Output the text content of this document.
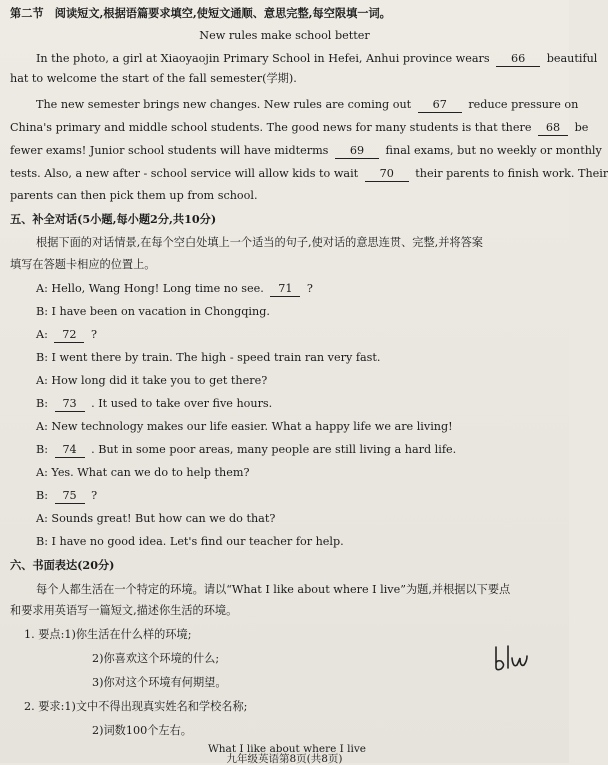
第二节　阅读短文,根据语篇要求填空,使短文通顺、意思完整,每空限填一词。
New rules make school better
In the photo, a girl at Xiaoyaojin Primary School in Hefei, Anhui province wears 66 beautiful
hat to welcome the start of the fall semester(学期).
The new semester brings new changes. New rules are coming out 67 reduce pressure on
China's primary and middle school students. The good news for many students is that there 68 be
fewer exams! Junior school students will have midterms 69 final exams, but no weekly or monthly
tests. Also, a new after - school service will allow kids to wait 70 their parents to finish work. Their
parents can then pick them up from school.
五、补全对话(5小题,每小题2分,共10分)
根据下面的对话情景,在每个空白处填上一个适当的句子,使对话的意思连贯、完整,并将答案
填写在答题卡相应的位置上。
A: Hello, Wang Hong! Long time no see. 71 ?
B: I have been on vacation in Chongqing.
A: 72 ?
B: I went there by train. The high - speed train ran very fast.
A: How long did it take you to get there?
B: 73 . It used to take over five hours.
A: New technology makes our life easier. What a happy life we are living!
B: 74 . But in some poor areas, many people are still living a hard life.
A: Yes. What can we do to help them?
B: 75 ?
A: Sounds great! But how can we do that?
B: I have no good idea. Let's find our teacher for help.
六、书面表达(20分)
每个人都生活在一个特定的环境。请以“What I like about where I live”为题,并根据以下要点
和要求用英语写一篇短文,描述你生活的环境。
1. 要点:1)你生活在什么样的环境;
2)你喜欢这个环境的什么;
3)你对这个环境有何期望。
2. 要求:1)文中不得出现真实姓名和学校名称;
2)词数100个左右。
What I like about where I live
九年级英语第8页(共8页)
